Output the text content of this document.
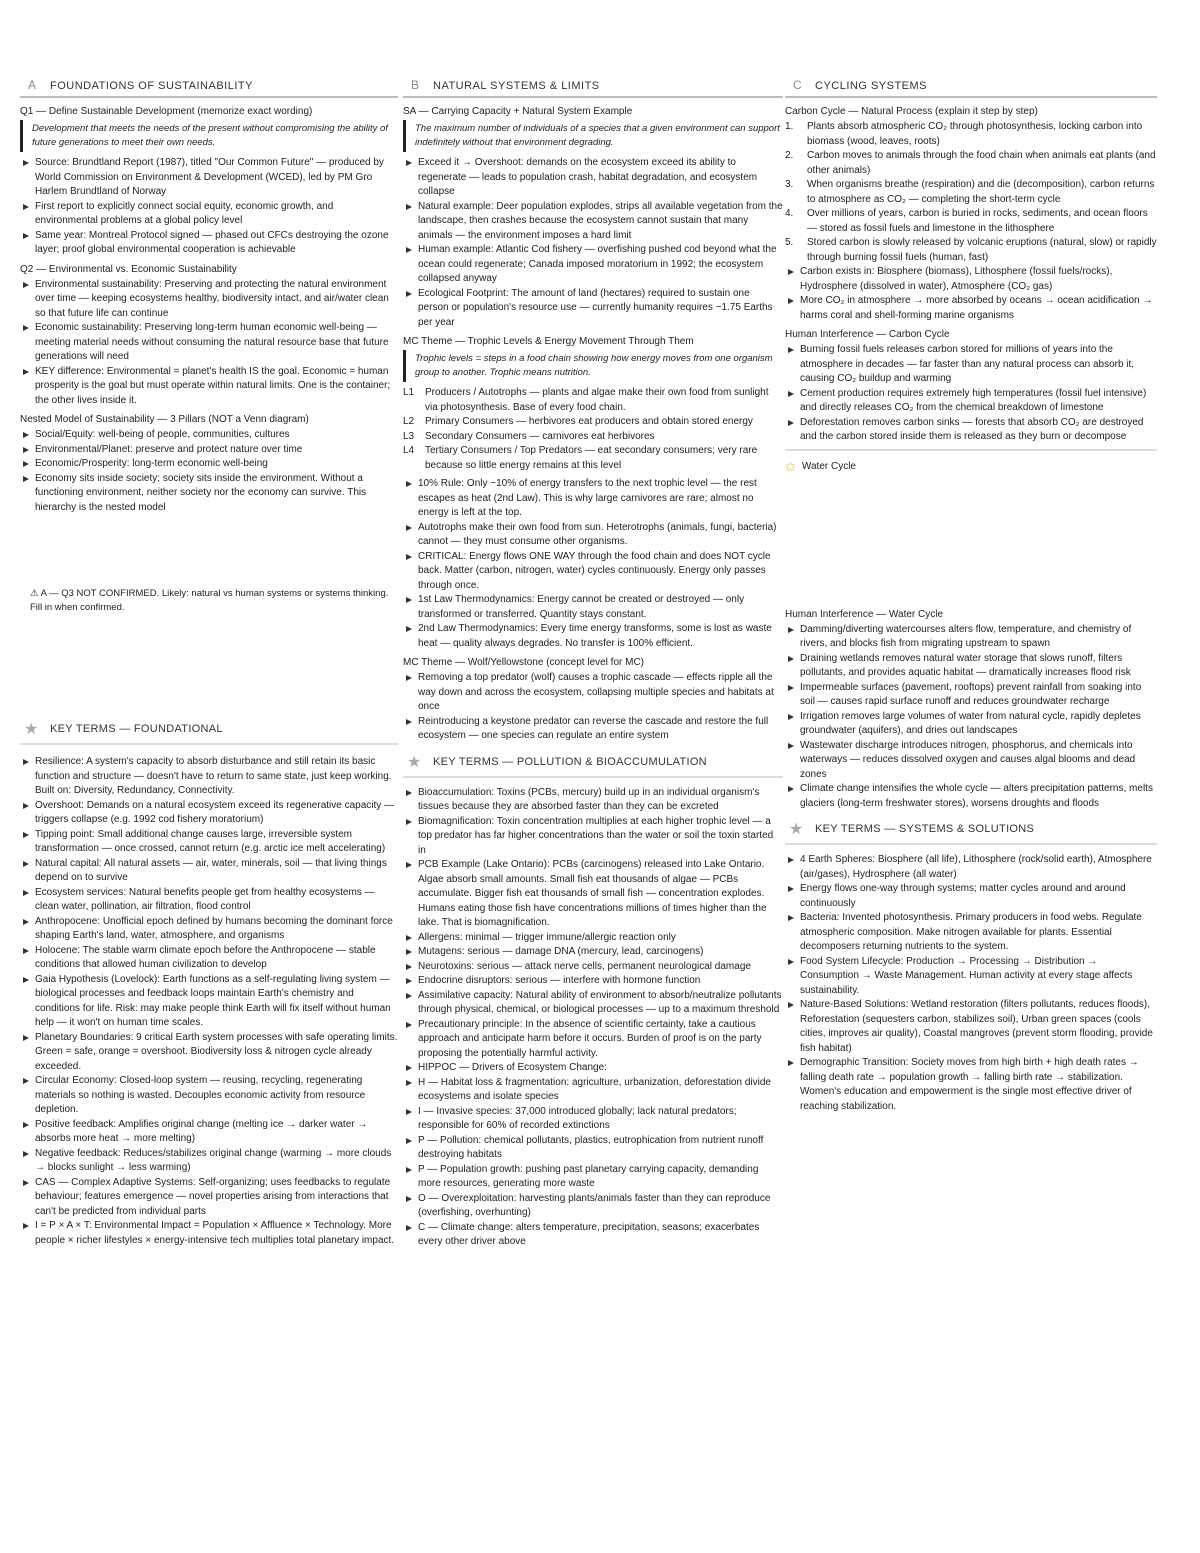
A	FOUNDATIONS OF SUSTAINABILITY
Q1 — Define Sustainable Development (memorize exact wording)
Development that meets the needs of the present without compromising the ability of future generations to meet their own needs.
Source: Brundtland Report (1987), titled "Our Common Future" — produced by World Commission on Environment & Development (WCED), led by PM Gro Harlem Brundtland of Norway
First report to explicitly connect social equity, economic growth, and environmental problems at a global policy level
Same year: Montreal Protocol signed — phased out CFCs destroying the ozone layer; proof global environmental cooperation is achievable
Q2 — Environmental vs. Economic Sustainability
Environmental sustainability: Preserving and protecting the natural environment over time — keeping ecosystems healthy, biodiversity intact, and air/water clean so that future life can continue
Economic sustainability: Preserving long-term human economic well-being — meeting material needs without consuming the natural resource base that future generations will need
KEY difference: Environmental = planet's health IS the goal. Economic = human prosperity is the goal but must operate within natural limits. One is the container; the other lives inside it.
Nested Model of Sustainability — 3 Pillars (NOT a Venn diagram)
Social/Equity: well-being of people, communities, cultures
Environmental/Planet: preserve and protect nature over time
Economic/Prosperity: long-term economic well-being
Economy sits inside society; society sits inside the environment. Without a functioning environment, neither society nor the economy can survive. This hierarchy is the nested model
⚠ A — Q3 NOT CONFIRMED. Likely: natural vs human systems or systems thinking. Fill in when confirmed.
★	KEY TERMS — FOUNDATIONAL
Resilience: A system's capacity to absorb disturbance and still retain its basic function and structure — doesn't have to return to same state, just keep working. Built on: Diversity, Redundancy, Connectivity.
Overshoot: Demands on a natural ecosystem exceed its regenerative capacity — triggers collapse (e.g. 1992 cod fishery moratorium)
Tipping point: Small additional change causes large, irreversible system transformation — once crossed, cannot return (e.g. arctic ice melt accelerating)
Natural capital: All natural assets — air, water, minerals, soil — that living things depend on to survive
Ecosystem services: Natural benefits people get from healthy ecosystems — clean water, pollination, air filtration, flood control
Anthropocene: Unofficial epoch defined by humans becoming the dominant force shaping Earth's land, water, atmosphere, and organisms
Holocene: The stable warm climate epoch before the Anthropocene — stable conditions that allowed human civilization to develop
Gaia Hypothesis (Lovelock): Earth functions as a self-regulating living system — biological processes and feedback loops maintain Earth's chemistry and conditions for life. Risk: may make people think Earth will fix itself without human help — it won't on human time scales.
Planetary Boundaries: 9 critical Earth system processes with safe operating limits. Green = safe, orange = overshoot. Biodiversity loss & nitrogen cycle already exceeded.
Circular Economy: Closed-loop system — reusing, recycling, regenerating materials so nothing is wasted. Decouples economic activity from resource depletion.
Positive feedback: Amplifies original change (melting ice → darker water → absorbs more heat → more melting)
Negative feedback: Reduces/stabilizes original change (warming → more clouds → blocks sunlight → less warming)
CAS — Complex Adaptive Systems: Self-organizing; uses feedbacks to regulate behaviour; features emergence — novel properties arising from interactions that can't be predicted from individual parts
I = P × A × T: Environmental Impact = Population × Affluence × Technology. More people × richer lifestyles × energy-intensive tech multiplies total planetary impact.
B	NATURAL SYSTEMS & LIMITS
SA — Carrying Capacity + Natural System Example
The maximum number of individuals of a species that a given environment can support indefinitely without that environment degrading.
Exceed it → Overshoot: demands on the ecosystem exceed its ability to regenerate — leads to population crash, habitat degradation, and ecosystem collapse
Natural example: Deer population explodes, strips all available vegetation from the landscape, then crashes because the ecosystem cannot sustain that many animals — the environment imposes a hard limit
Human example: Atlantic Cod fishery — overfishing pushed cod beyond what the ocean could regenerate; Canada imposed moratorium in 1992; the ecosystem collapsed anyway
Ecological Footprint: The amount of land (hectares) required to sustain one person or population's resource use — currently humanity requires ~1.75 Earths per year
MC Theme — Trophic Levels & Energy Movement Through Them
Trophic levels = steps in a food chain showing how energy moves from one organism group to another. Trophic means nutrition.
L1 Producers / Autotrophs — plants and algae make their own food from sunlight via photosynthesis. Base of every food chain.
L2 Primary Consumers — herbivores eat producers and obtain stored energy
L3 Secondary Consumers — carnivores eat herbivores
L4 Tertiary Consumers / Top Predators — eat secondary consumers; very rare because so little energy remains at this level
10% Rule: Only ~10% of energy transfers to the next trophic level — the rest escapes as heat (2nd Law). This is why large carnivores are rare; almost no energy is left at the top.
Autotrophs make their own food from sun. Heterotrophs (animals, fungi, bacteria) cannot — they must consume other organisms.
CRITICAL: Energy flows ONE WAY through the food chain and does NOT cycle back. Matter (carbon, nitrogen, water) cycles continuously. Energy only passes through once.
1st Law Thermodynamics: Energy cannot be created or destroyed — only transformed or transferred. Quantity stays constant.
2nd Law Thermodynamics: Every time energy transforms, some is lost as waste heat — quality always degrades. No transfer is 100% efficient.
MC Theme — Wolf/Yellowstone (concept level for MC)
Removing a top predator (wolf) causes a trophic cascade — effects ripple all the way down and across the ecosystem, collapsing multiple species and habitats at once
Reintroducing a keystone predator can reverse the cascade and restore the full ecosystem — one species can regulate an entire system
★	KEY TERMS — POLLUTION & BIOACCUMULATION
Bioaccumulation: Toxins (PCBs, mercury) build up in an individual organism's tissues because they are absorbed faster than they can be excreted
Biomagnification: Toxin concentration multiplies at each higher trophic level — a top predator has far higher concentrations than the water or soil the toxin started in
PCB Example (Lake Ontario): PCBs (carcinogens) released into Lake Ontario. Algae absorb small amounts. Small fish eat thousands of algae — PCBs accumulate. Bigger fish eat thousands of small fish — concentration explodes. Humans eating those fish have concentrations millions of times higher than the lake. That is biomagnification.
Allergens: minimal — trigger immune/allergic reaction only
Mutagens: serious — damage DNA (mercury, lead, carcinogens)
Neurotoxins: serious — attack nerve cells, permanent neurological damage
Endocrine disruptors: serious — interfere with hormone function
Assimilative capacity: Natural ability of environment to absorb/neutralize pollutants through physical, chemical, or biological processes — up to a maximum threshold
Precautionary principle: In the absence of scientific certainty, take a cautious approach and anticipate harm before it occurs. Burden of proof is on the party proposing the potentially harmful activity.
HIPPOC — Drivers of Ecosystem Change:
H — Habitat loss & fragmentation: agriculture, urbanization, deforestation divide ecosystems and isolate species
I — Invasive species: 37,000 introduced globally; lack natural predators; responsible for 60% of recorded extinctions
P — Pollution: chemical pollutants, plastics, eutrophication from nutrient runoff destroying habitats
P — Population growth: pushing past planetary carrying capacity, demanding more resources, generating more waste
O — Overexploitation: harvesting plants/animals faster than they can reproduce (overfishing, overhunting)
C — Climate change: alters temperature, precipitation, seasons; exacerbates every other driver above
C	CYCLING SYSTEMS
Carbon Cycle — Natural Process (explain it step by step)
1. Plants absorb atmospheric CO₂ through photosynthesis, locking carbon into biomass (wood, leaves, roots)
2. Carbon moves to animals through the food chain when animals eat plants (and other animals)
3. When organisms breathe (respiration) and die (decomposition), carbon returns to atmosphere as CO₂ — completing the short-term cycle
4. Over millions of years, carbon is buried in rocks, sediments, and ocean floors — stored as fossil fuels and limestone in the lithosphere
5. Stored carbon is slowly released by volcanic eruptions (natural, slow) or rapidly through burning fossil fuels (human, fast)
Carbon exists in: Biosphere (biomass), Lithosphere (fossil fuels/rocks), Hydrosphere (dissolved in water), Atmosphere (CO₂ gas)
More CO₂ in atmosphere → more absorbed by oceans → ocean acidification → harms coral and shell-forming marine organisms
Human Interference — Carbon Cycle
Burning fossil fuels releases carbon stored for millions of years into the atmosphere in decades — far faster than any natural process can absorb it, causing CO₂ buildup and warming
Cement production requires extremely high temperatures (fossil fuel intensive) and directly releases CO₂ from the chemical breakdown of limestone
Deforestation removes carbon sinks — forests that absorb CO₂ are destroyed and the carbon stored inside them is released as they burn or decompose
✩ Water Cycle
Human Interference — Water Cycle
Damming/diverting watercourses alters flow, temperature, and chemistry of rivers, and blocks fish from migrating upstream to spawn
Draining wetlands removes natural water storage that slows runoff, filters pollutants, and provides aquatic habitat — dramatically increases flood risk
Impermeable surfaces (pavement, rooftops) prevent rainfall from soaking into soil — causes rapid surface runoff and reduces groundwater recharge
Irrigation removes large volumes of water from natural cycle, rapidly depletes groundwater (aquifers), and dries out landscapes
Wastewater discharge introduces nitrogen, phosphorus, and chemicals into waterways — reduces dissolved oxygen and causes algal blooms and dead zones
Climate change intensifies the whole cycle — alters precipitation patterns, melts glaciers (long-term freshwater stores), worsens droughts and floods
★	KEY TERMS — SYSTEMS & SOLUTIONS
4 Earth Spheres: Biosphere (all life), Lithosphere (rock/solid earth), Atmosphere (air/gases), Hydrosphere (all water)
Energy flows one-way through systems; matter cycles around and around continuously
Bacteria: Invented photosynthesis. Primary producers in food webs. Regulate atmospheric composition. Make nitrogen available for plants. Essential decomposers returning nutrients to the system.
Food System Lifecycle: Production → Processing → Distribution → Consumption → Waste Management. Human activity at every stage affects sustainability.
Nature-Based Solutions: Wetland restoration (filters pollutants, reduces floods), Reforestation (sequesters carbon, stabilizes soil), Urban green spaces (cools cities, improves air quality), Coastal mangroves (prevent storm flooding, provide fish habitat)
Demographic Transition: Society moves from high birth + high death rates → falling death rate → population growth → falling birth rate → stabilization. Women's education and empowerment is the single most effective driver of reaching stabilization.
